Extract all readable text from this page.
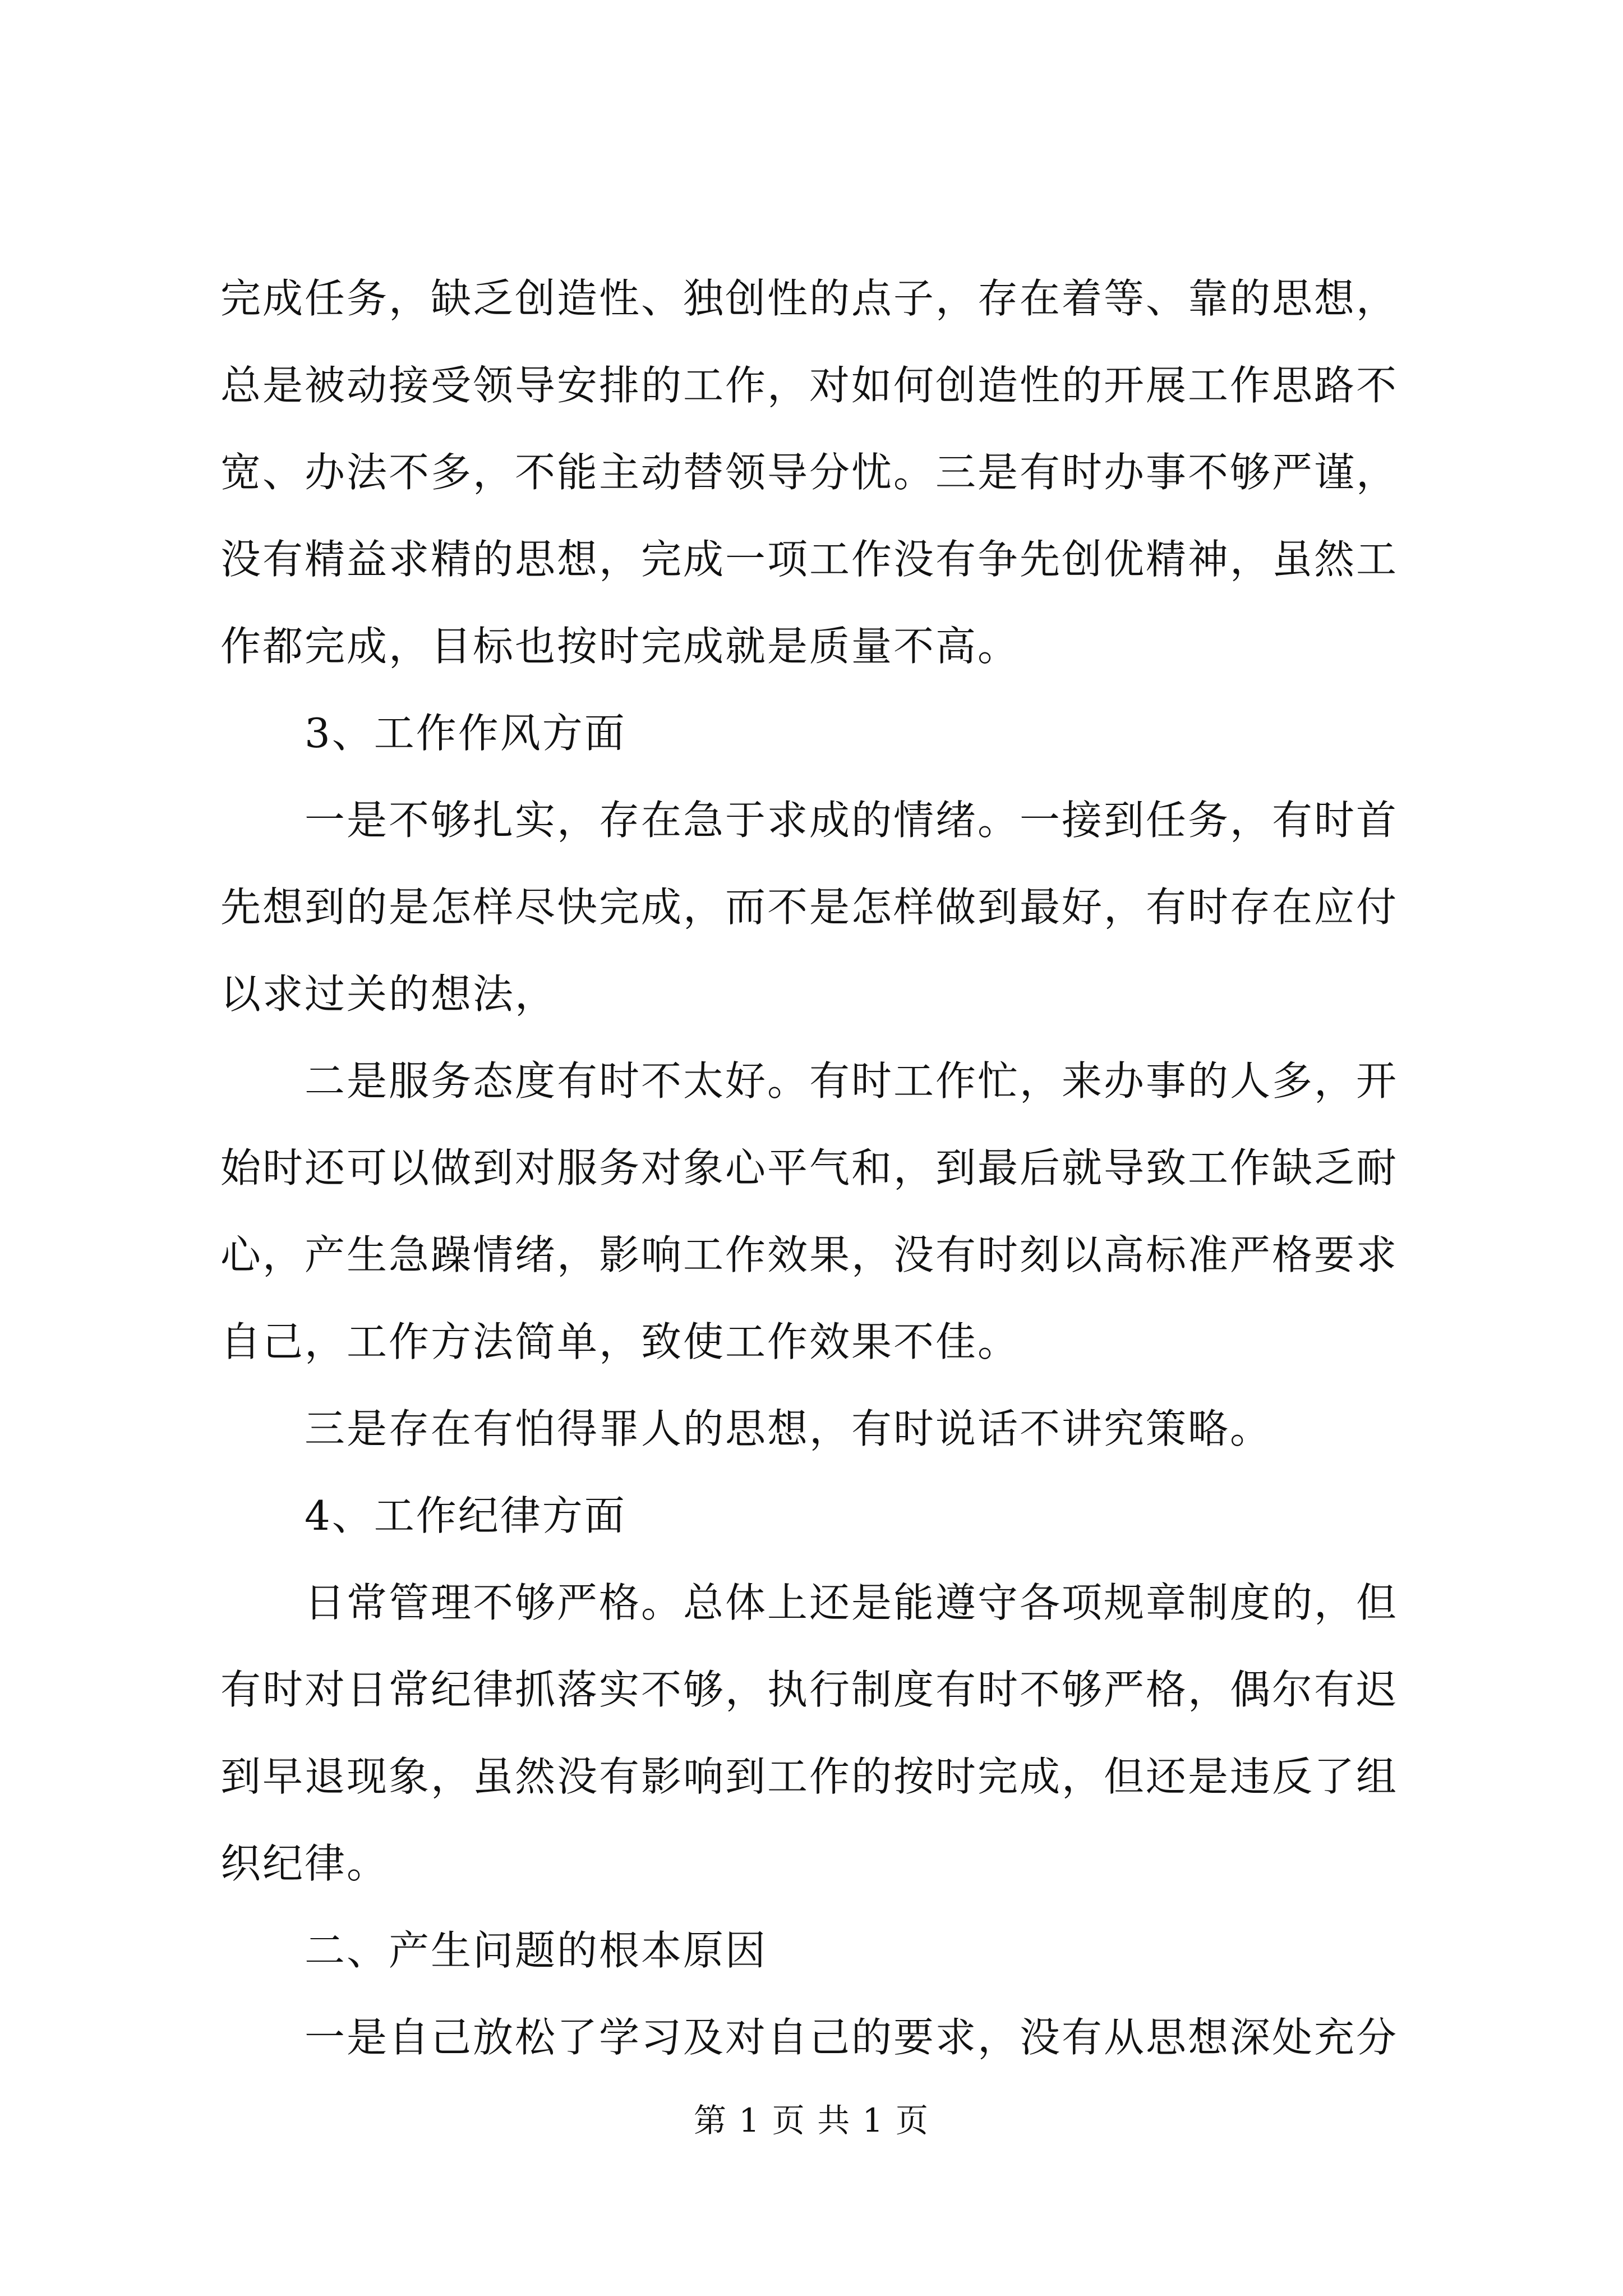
完成任务，缺乏创造性、独创性的点子，存在着等、靠的思想，
总是被动接受领导安排的工作，对如何创造性的开展工作思路不
宽、办法不多，不能主动替领导分忧。三是有时办事不够严谨，
没有精益求精的思想，完成一项工作没有争先创优精神，虽然工
作都完成，目标也按时完成就是质量不高。
3、工作作风方面
一是不够扎实，存在急于求成的情绪。一接到任务，有时首
先想到的是怎样尽快完成，而不是怎样做到最好，有时存在应付
以求过关的想法，
二是服务态度有时不太好。有时工作忙，来办事的人多，开
始时还可以做到对服务对象心平气和，到最后就导致工作缺乏耐
心，产生急躁情绪，影响工作效果，没有时刻以高标准严格要求
自己，工作方法简单，致使工作效果不佳。
三是存在有怕得罪人的思想，有时说话不讲究策略。
4、工作纪律方面
日常管理不够严格。总体上还是能遵守各项规章制度的，但
有时对日常纪律抓落实不够，执行制度有时不够严格，偶尔有迟
到早退现象，虽然没有影响到工作的按时完成，但还是违反了组
织纪律。
二、产生问题的根本原因
一是自己放松了学习及对自己的要求，没有从思想深处充分
第 1 页 共 1 页
